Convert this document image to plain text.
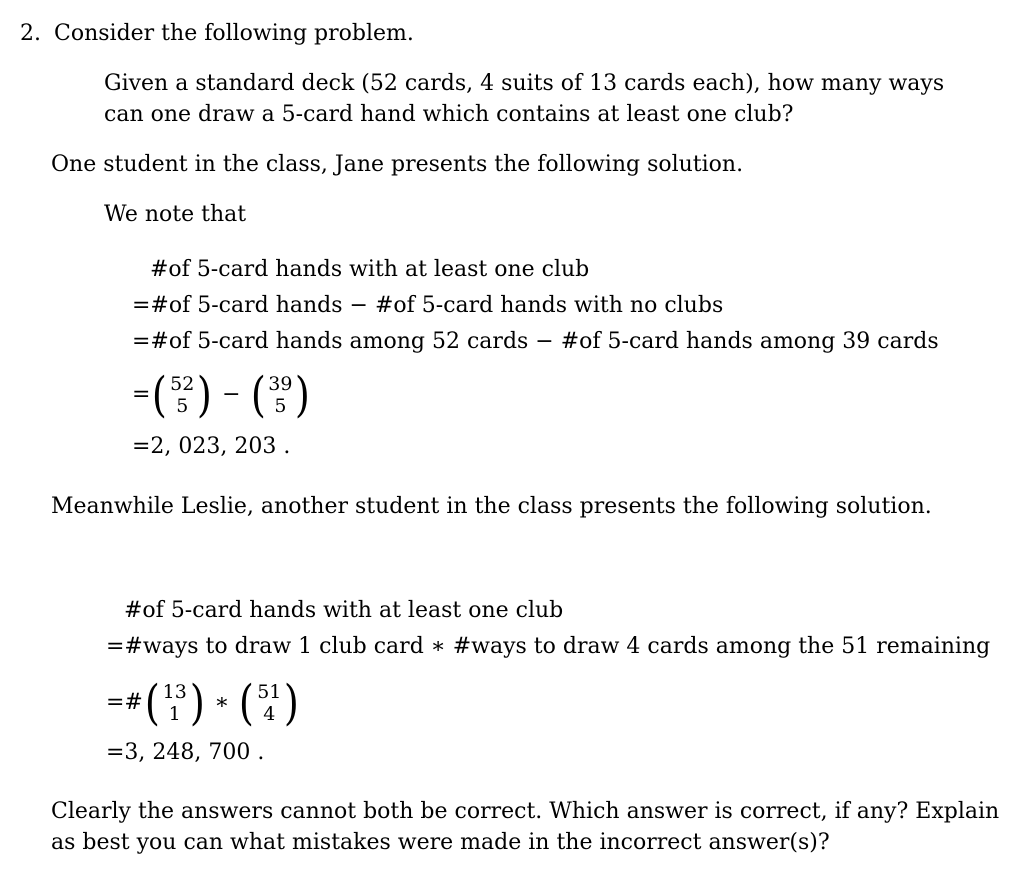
2. Consider the following problem.
Given a standard deck (52 cards, 4 suits of 13 cards each), how many ways
can one draw a 5-card hand which contains at least one club?
One student in the class, Jane presents the following solution.
We note that
#of 5-card hands with at least one club
=#of 5-card hands − #of 5-card hands with no clubs
=#of 5-card hands among 52 cards − #of 5-card hands among 39 cards
= ( 52
5 ) − ( 39
5 )
=2, 023, 203 .
Meanwhile Leslie, another student in the class presents the following solution.
#of 5-card hands with at least one club
=#ways to draw 1 club card ∗ #ways to draw 4 cards among the 51 remaining
=# ( 13
1 ) ∗ ( 51
4 )
=3, 248, 700 .
Clearly the answers cannot both be correct. Which answer is correct, if any? Explain
as best you can what mistakes were made in the incorrect answer(s)?
